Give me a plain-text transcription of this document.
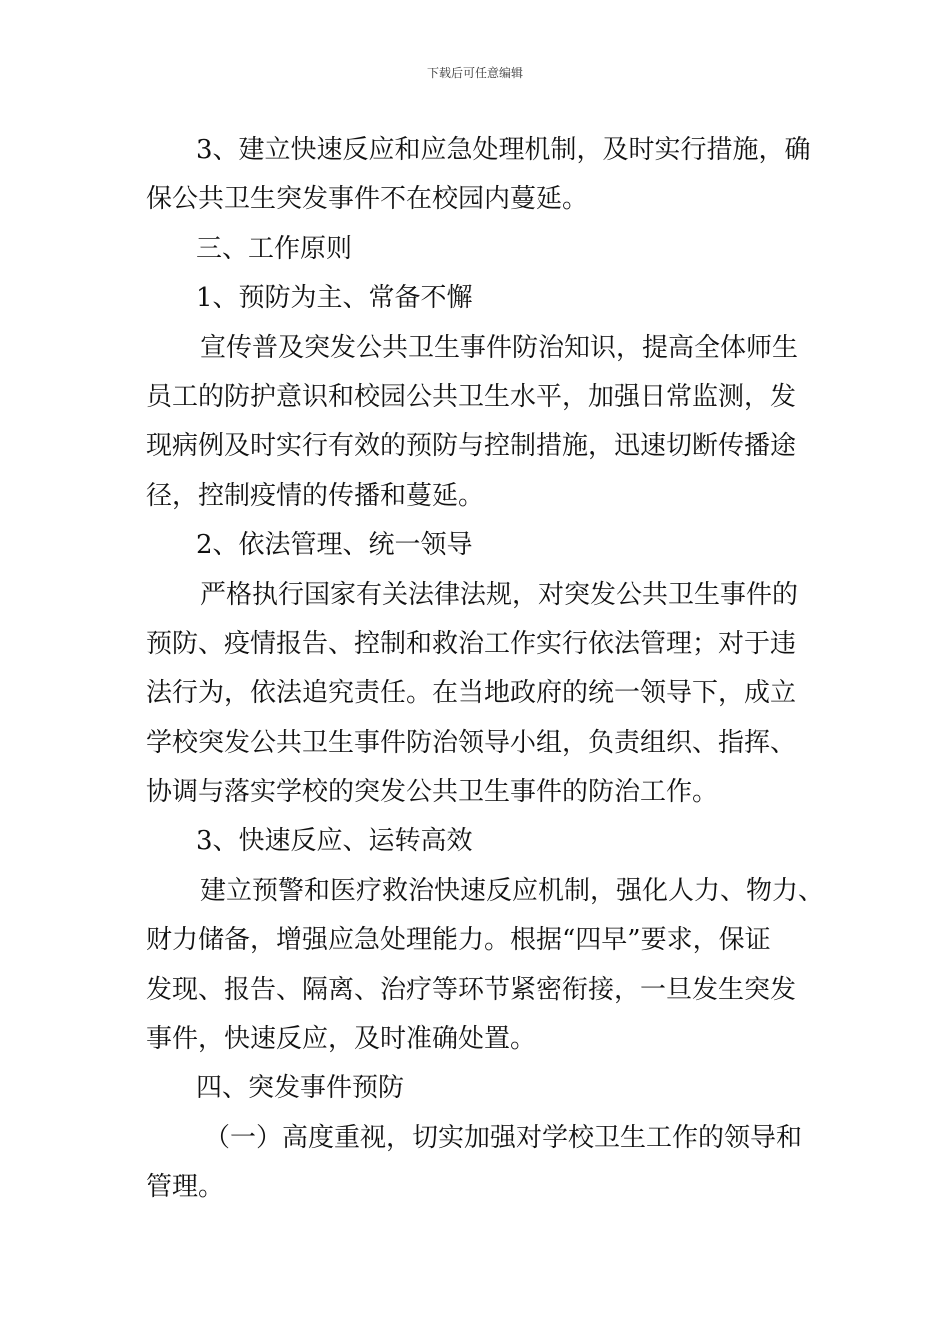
下载后可任意编辑
3、建立快速反应和应急处理机制，及时实行措施，确
保公共卫生突发事件不在校园内蔓延。
三、工作原则
1、预防为主、常备不懈
宣传普及突发公共卫生事件防治知识，提高全体师生
员工的防护意识和校园公共卫生水平，加强日常监测，发
现病例及时实行有效的预防与控制措施，迅速切断传播途
径，控制疫情的传播和蔓延。
2、依法管理、统一领导
严格执行国家有关法律法规，对突发公共卫生事件的
预防、疫情报告、控制和救治工作实行依法管理；对于违
法行为，依法追究责任。在当地政府的统一领导下，成立
学校突发公共卫生事件防治领导小组，负责组织、指挥、
协调与落实学校的突发公共卫生事件的防治工作。
3、快速反应、运转高效
建立预警和医疗救治快速反应机制，强化人力、物力、
财力储备，增强应急处理能力。根据“四早”要求，保证
发现、报告、隔离、治疗等环节紧密衔接，一旦发生突发
事件，快速反应，及时准确处置。
四、突发事件预防
（一）高度重视，切实加强对学校卫生工作的领导和
管理。
